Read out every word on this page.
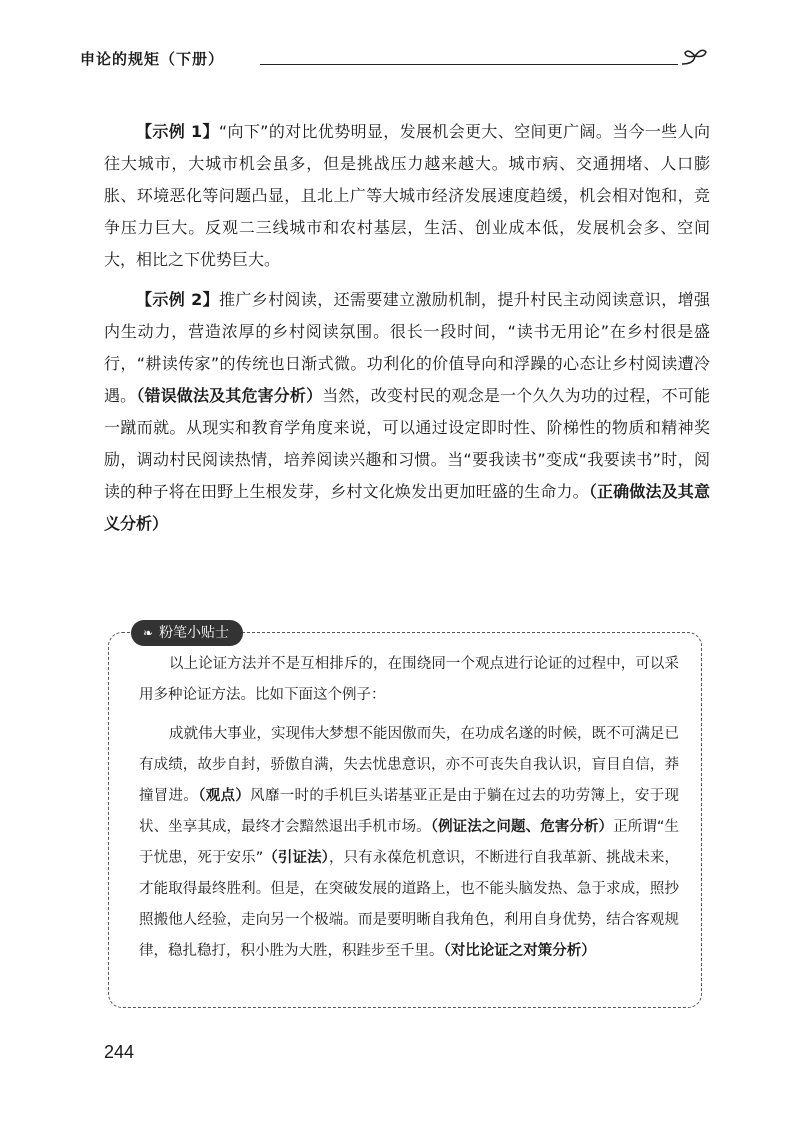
申论的规矩（下册）

【示例 1】“向下”的对比优势明显，发展机会更大、空间更广阔。当今一些人向往大城市，大城市机会虽多，但是挑战压力越来越大。城市病、交通拥堵、人口膨胀、环境恶化等问题凸显，且北上广等大城市经济发展速度趋缓，机会相对饱和，竞争压力巨大。反观二三线城市和农村基层，生活、创业成本低，发展机会多、空间大，相比之下优势巨大。

【示例 2】推广乡村阅读，还需要建立激励机制，提升村民主动阅读意识，增强内生动力，营造浓厚的乡村阅读氛围。很长一段时间，“读书无用论”在乡村很是盛行，“耕读传家”的传统也日渐式微。功利化的价值导向和浮躁的心态让乡村阅读遭冷遇。（错误做法及其危害分析）当然，改变村民的观念是一个久久为功的过程，不可能一蹴而就。从现实和教育学角度来说，可以通过设定即时性、阶梯性的物质和精神奖励，调动村民阅读热情，培养阅读兴趣和习惯。当“要我读书”变成“我要读书”时，阅读的种子将在田野上生根发芽，乡村文化焕发出更加旺盛的生命力。（正确做法及其意义分析）

❧ 粉笔小贴士

以上论证方法并不是互相排斥的，在围绕同一个观点进行论证的过程中，可以采用多种论证方法。比如下面这个例子：

成就伟大事业，实现伟大梦想不能因傲而失，在功成名遂的时候，既不可满足已有成绩，故步自封，骄傲自满，失去忧患意识，亦不可丧失自我认识，盲目自信，莽撞冒进。（观点）风靡一时的手机巨头诺基亚正是由于躺在过去的功劳簿上，安于现状、坐享其成，最终才会黯然退出手机市场。（例证法之问题、危害分析）正所谓“生于忧患，死于安乐”（引证法），只有永葆危机意识，不断进行自我革新、挑战未来，才能取得最终胜利。但是，在突破发展的道路上，也不能头脑发热、急于求成，照抄照搬他人经验，走向另一个极端。而是要明晰自我角色，利用自身优势，结合客观规律，稳扎稳打，积小胜为大胜，积跬步至千里。（对比论证之对策分析）

244
